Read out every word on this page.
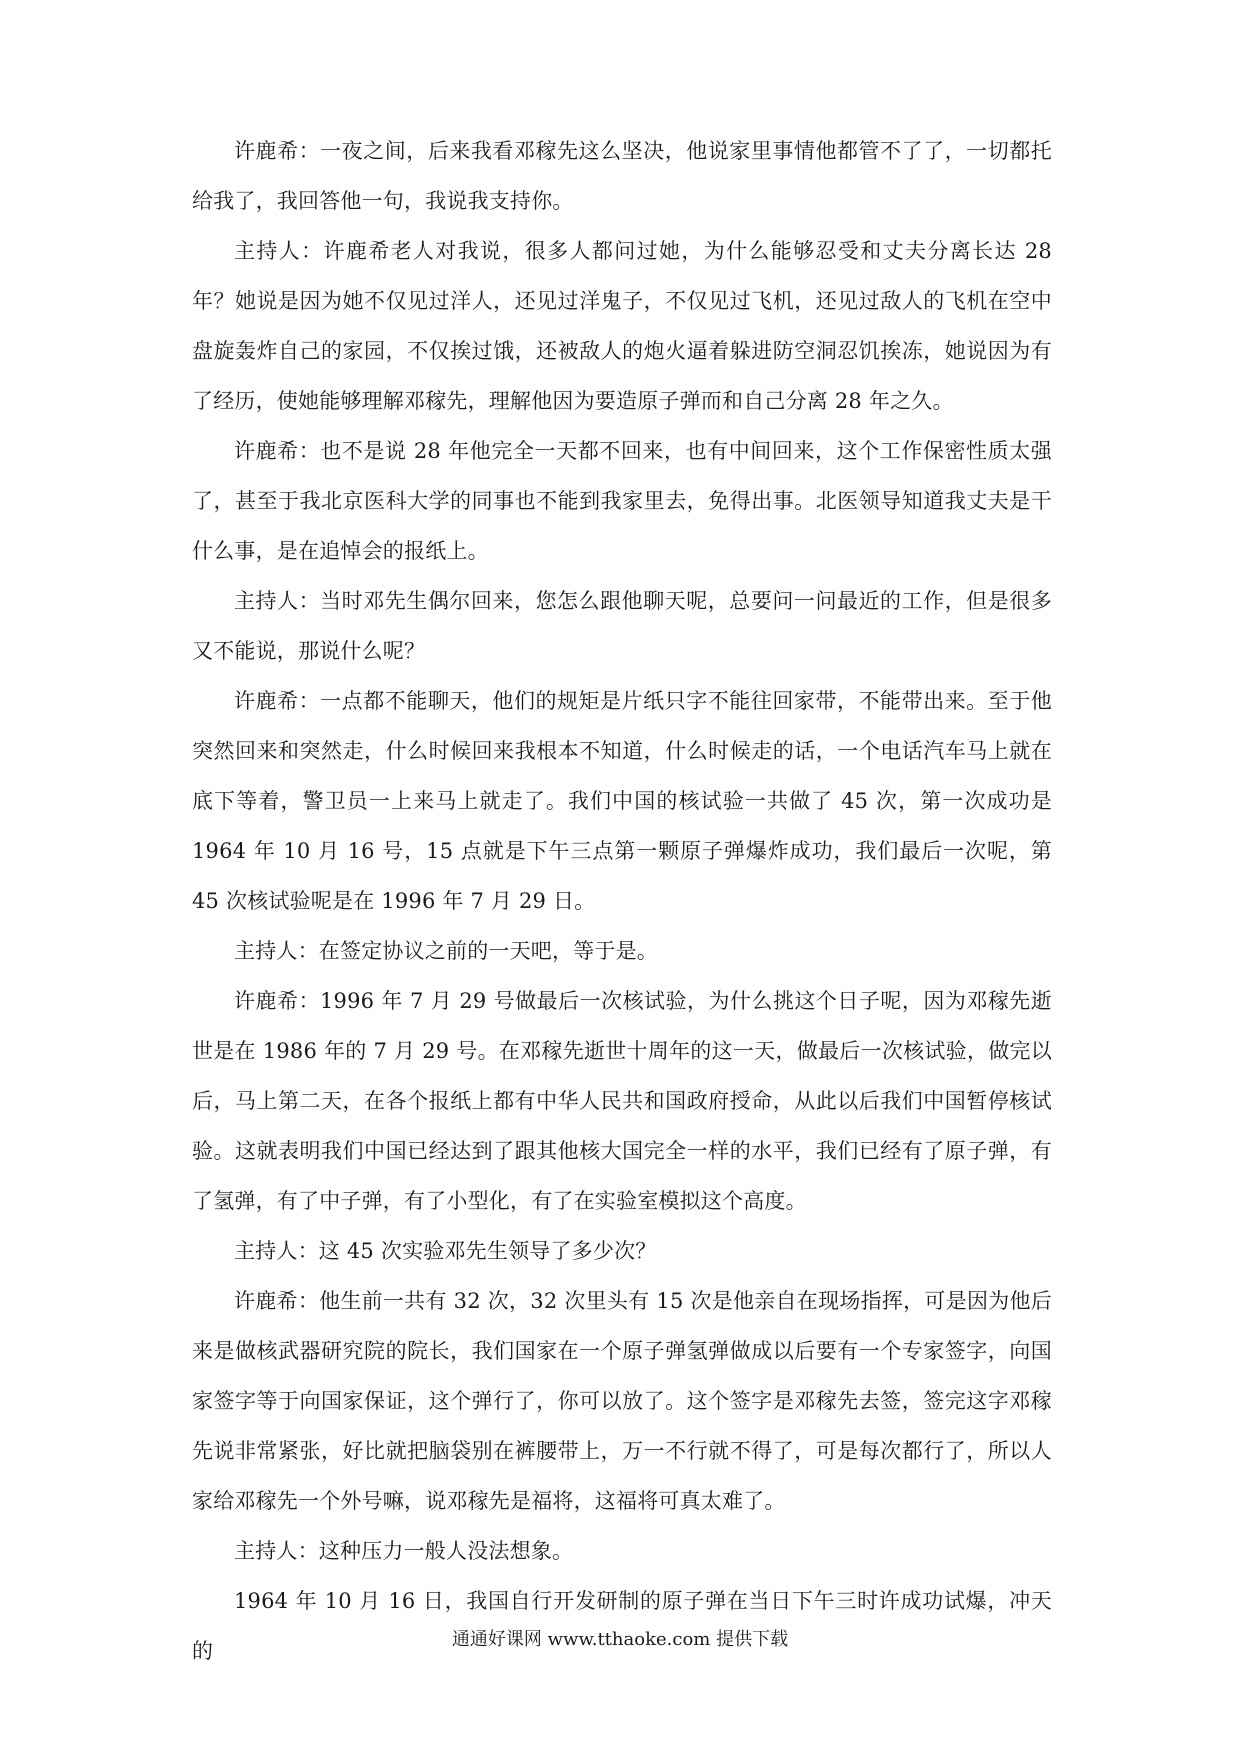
许鹿希：一夜之间，后来我看邓稼先这么坚决，他说家里事情他都管不了了，一切都托给我了，我回答他一句，我说我支持你。

主持人：许鹿希老人对我说，很多人都问过她，为什么能够忍受和丈夫分离长达 28 年？她说是因为她不仅见过洋人，还见过洋鬼子，不仅见过飞机，还见过敌人的飞机在空中盘旋轰炸自己的家园，不仅挨过饿，还被敌人的炮火逼着躲进防空洞忍饥挨冻，她说因为有了经历，使她能够理解邓稼先，理解他因为要造原子弹而和自己分离 28 年之久。

许鹿希：也不是说 28 年他完全一天都不回来，也有中间回来，这个工作保密性质太强了，甚至于我北京医科大学的同事也不能到我家里去，免得出事。北医领导知道我丈夫是干什么事，是在追悼会的报纸上。

主持人：当时邓先生偶尔回来，您怎么跟他聊天呢，总要问一问最近的工作，但是很多又不能说，那说什么呢？

许鹿希：一点都不能聊天，他们的规矩是片纸只字不能往回家带，不能带出来。至于他突然回来和突然走，什么时候回来我根本不知道，什么时候走的话，一个电话汽车马上就在底下等着，警卫员一上来马上就走了。我们中国的核试验一共做了 45 次，第一次成功是 1964 年 10 月 16 号，15 点就是下午三点第一颗原子弹爆炸成功，我们最后一次呢，第 45 次核试验呢是在 1996 年 7 月 29 日。

主持人：在签定协议之前的一天吧，等于是。

许鹿希：1996 年 7 月 29 号做最后一次核试验，为什么挑这个日子呢，因为邓稼先逝世是在 1986 年的 7 月 29 号。在邓稼先逝世十周年的这一天，做最后一次核试验，做完以后，马上第二天，在各个报纸上都有中华人民共和国政府授命，从此以后我们中国暂停核试验。这就表明我们中国已经达到了跟其他核大国完全一样的水平，我们已经有了原子弹，有了氢弹，有了中子弹，有了小型化，有了在实验室模拟这个高度。

主持人：这 45 次实验邓先生领导了多少次？

许鹿希：他生前一共有 32 次，32 次里头有 15 次是他亲自在现场指挥，可是因为他后来是做核武器研究院的院长，我们国家在一个原子弹氢弹做成以后要有一个专家签字，向国家签字等于向国家保证，这个弹行了，你可以放了。这个签字是邓稼先去签，签完这字邓稼先说非常紧张，好比就把脑袋别在裤腰带上，万一不行就不得了，可是每次都行了，所以人家给邓稼先一个外号嘛，说邓稼先是福将，这福将可真太难了。

主持人：这种压力一般人没法想象。

1964 年 10 月 16 日，我国自行开发研制的原子弹在当日下午三时许成功试爆，冲天的	通通好课网 www.tthaoke.com 提供下载
